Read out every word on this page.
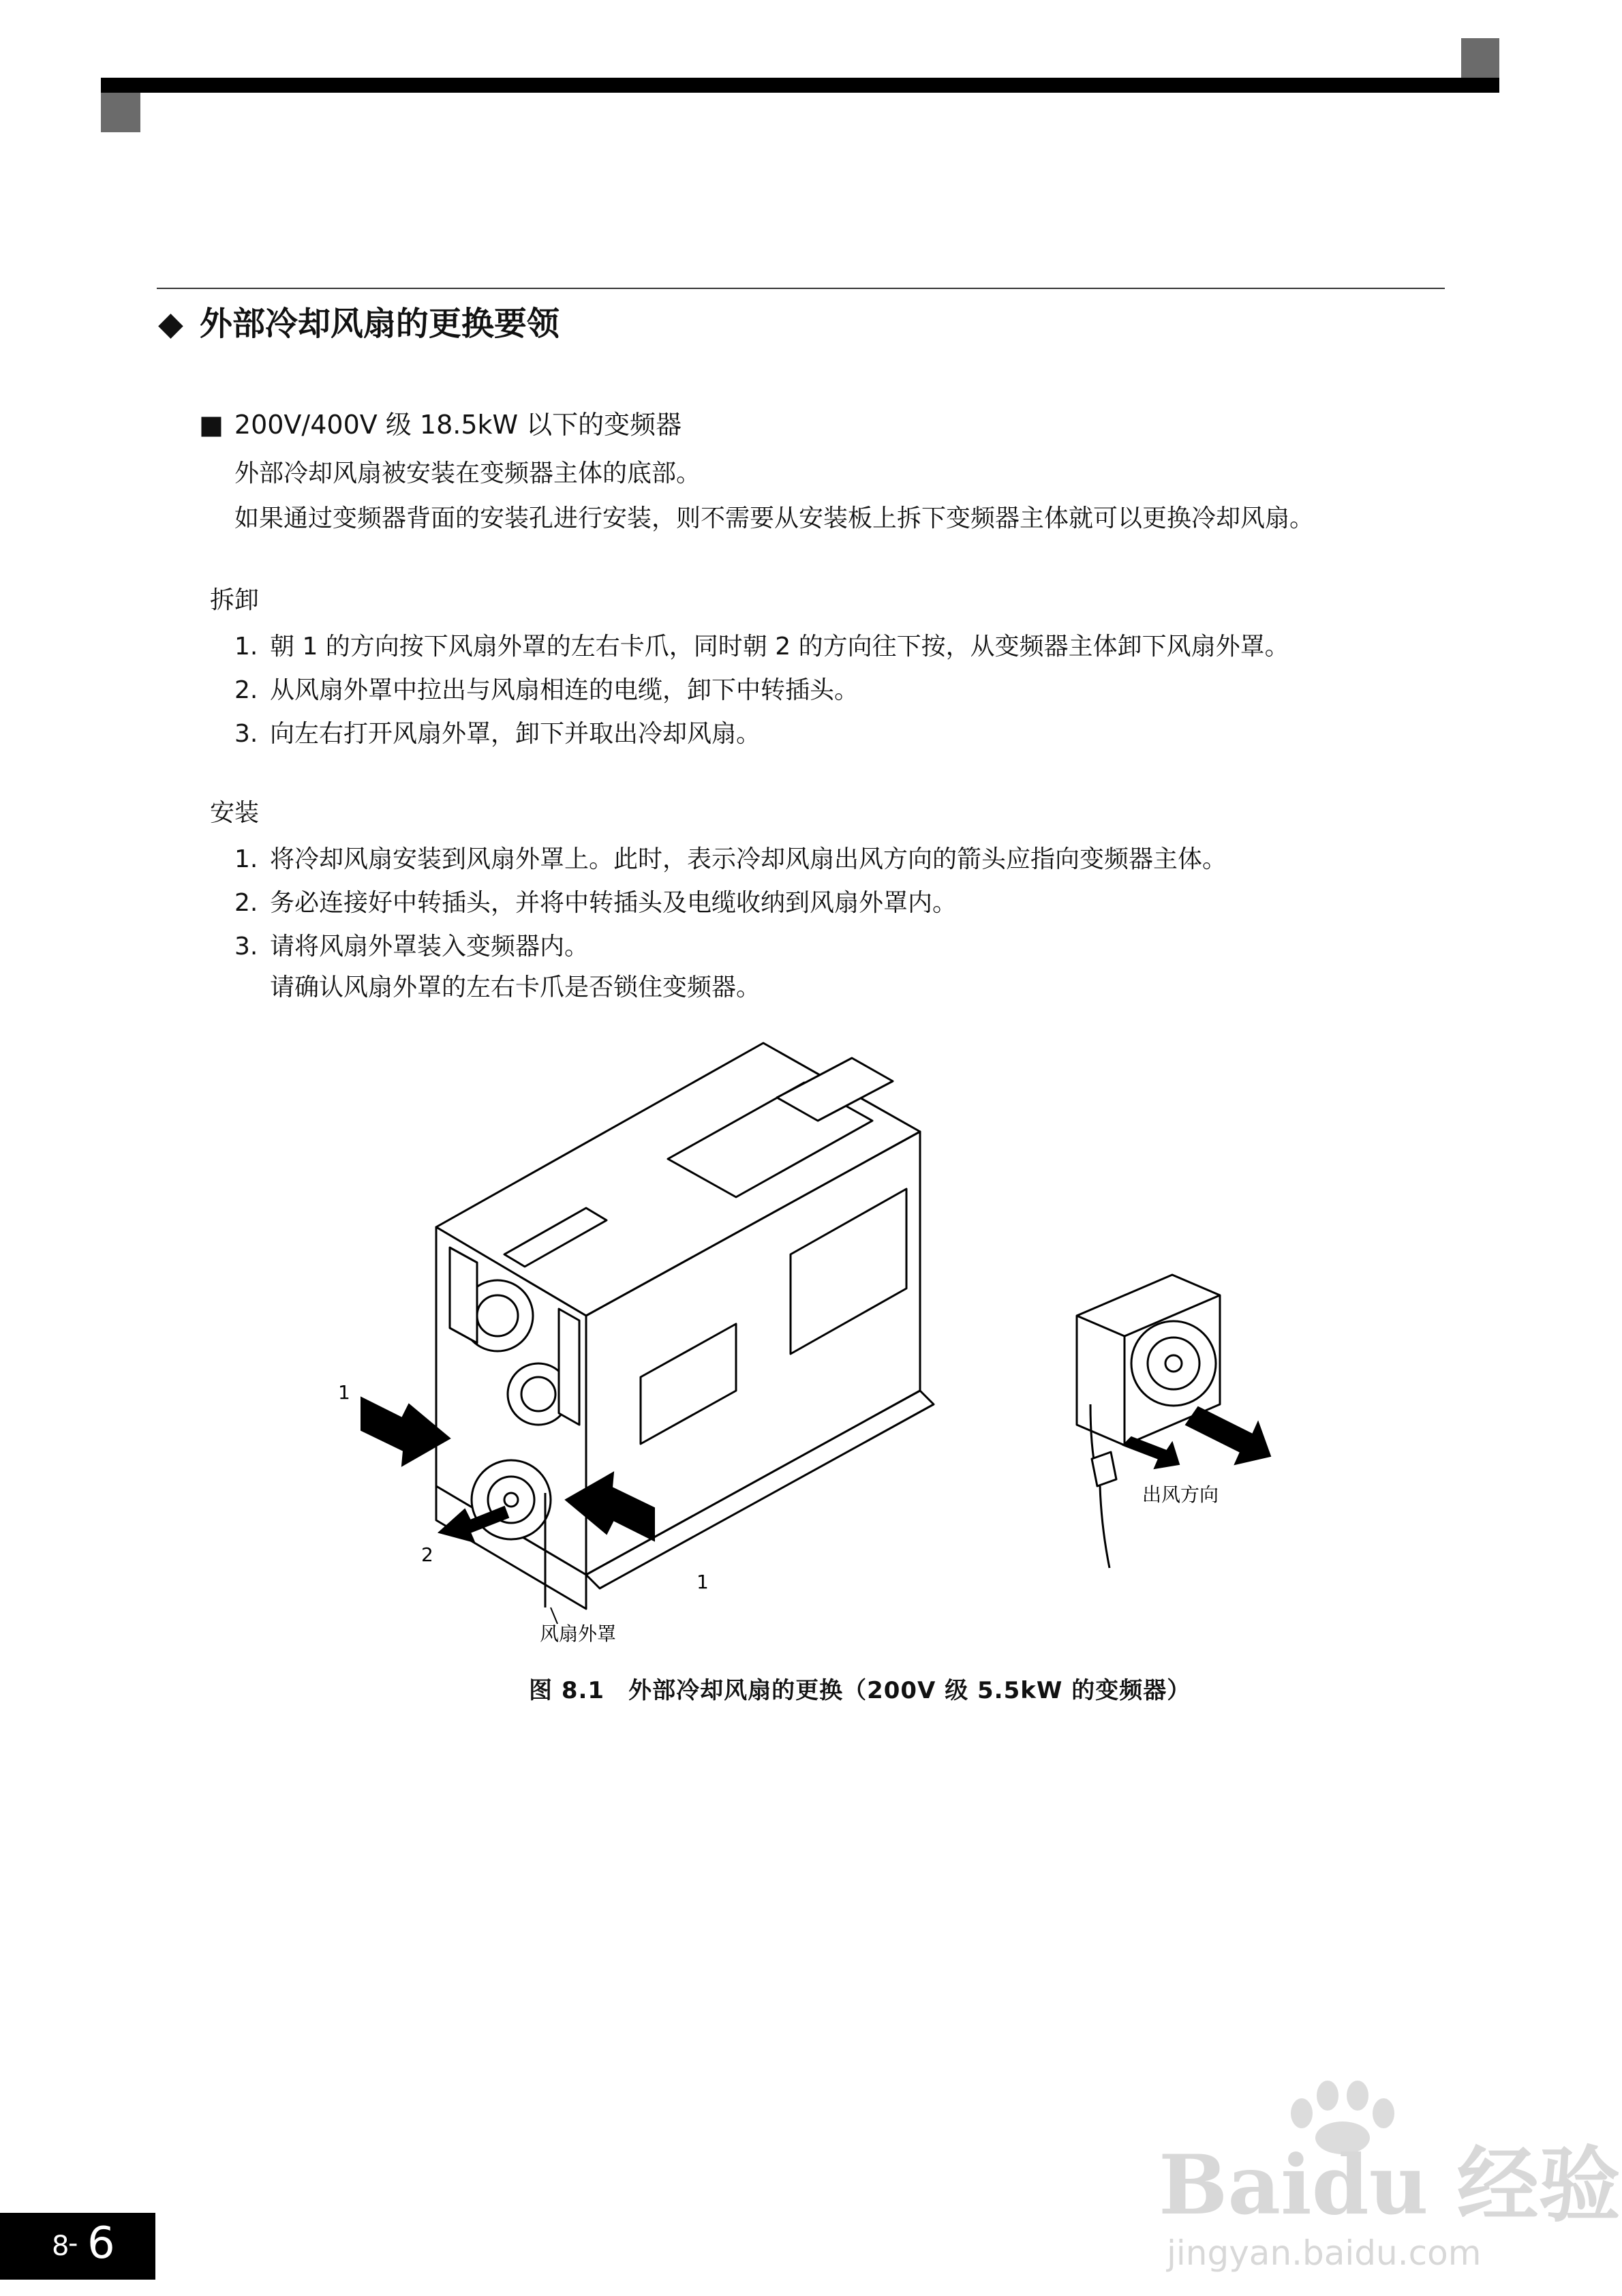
◆ 外部冷却风扇的更换要领
■ 200V/400V 级 18.5kW 以下的变频器
外部冷却风扇被安装在变频器主体的底部。
如果通过变频器背面的安装孔进行安装，则不需要从安装板上拆下变频器主体就可以更换冷却风扇。
拆卸
1. 朝 1 的方向按下风扇外罩的左右卡爪，同时朝 2 的方向往下按，从变频器主体卸下风扇外罩。
2. 从风扇外罩中拉出与风扇相连的电缆，卸下中转插头。
3. 向左右打开风扇外罩，卸下并取出冷却风扇。
安装
1. 将冷却风扇安装到风扇外罩上。此时，表示冷却风扇出风方向的箭头应指向变频器主体。
2. 务必连接好中转插头，并将中转插头及电缆收纳到风扇外罩内。
3. 请将风扇外罩装入变频器内。
请确认风扇外罩的左右卡爪是否锁住变频器。
1
1
2
风扇外罩
出风方向
图 8.1　外部冷却风扇的更换（200V 级 5.5kW 的变频器）
Baidu 经验
jingyan.baidu.com
8
- 6
